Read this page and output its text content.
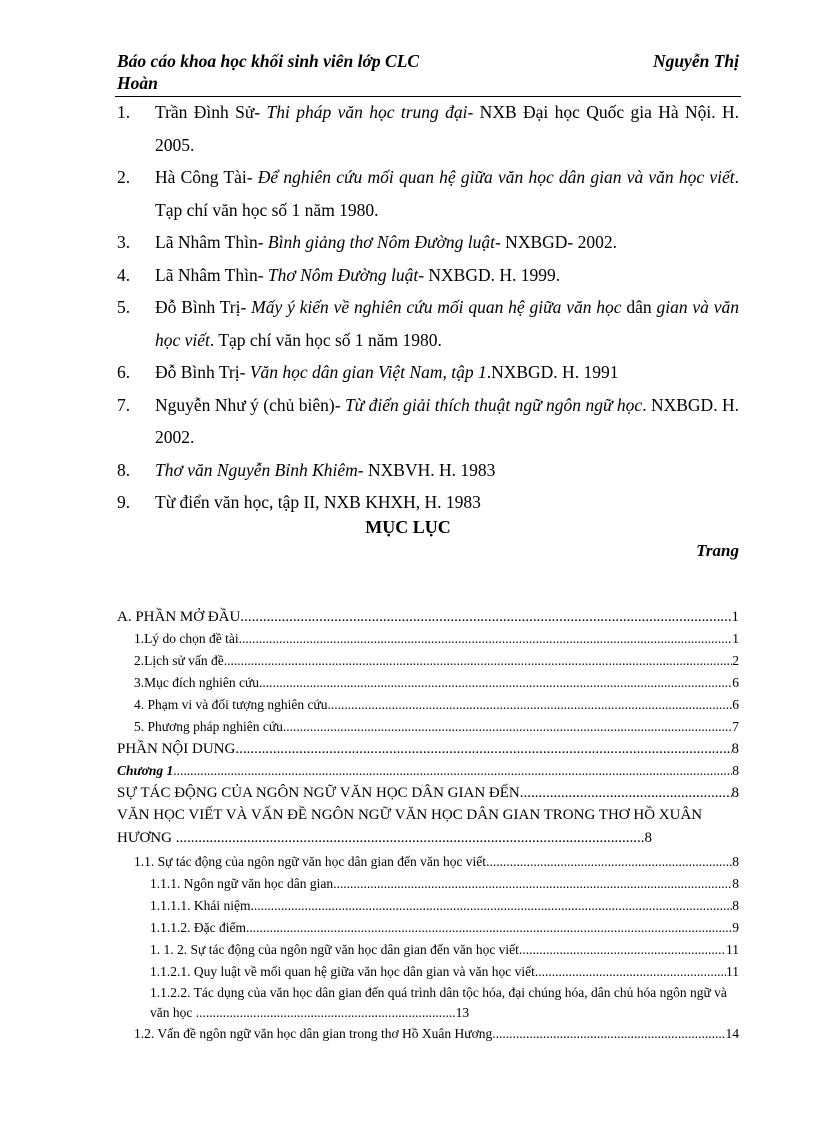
Báo cáo khoa học khối sinh viên lớp CLC	Nguyễn Thị
Hoàn
1.	Trần Đình Sử- Thi pháp văn học trung đại- NXB Đại học Quốc gia Hà Nội. H. 2005.
2.	Hà Công Tài- Để nghiên cứu mối quan hệ giữa văn học dân gian và văn học viết. Tạp chí văn học số 1 năm 1980.
3.	Lã Nhâm Thìn- Bình giảng thơ Nôm Đường luật- NXBGD- 2002.
4.	Lã Nhâm Thìn- Thơ Nôm Đường luật- NXBGD. H. 1999.
5.	Đỗ Bình Trị- Mấy ý kiến về nghiên cứu mối quan hệ giữa văn học dân gian và văn học viết. Tạp chí văn học số 1 năm 1980.
6.	Đỗ Bình Trị- Văn học dân gian Việt Nam, tập 1.NXBGD. H. 1991
7.	Nguyễn Như ý (chủ biên)- Từ điển giải thích thuật ngữ ngôn ngữ học. NXBGD. H. 2002.
8.	Thơ văn Nguyễn Bỉnh Khiêm- NXBVH. H. 1983
9.	Từ điển văn học, tập II, NXB KHXH, H. 1983
MỤC LỤC
Trang
A. PHẦN MỞ ĐẦU .....	1
1.Lý do chọn đề tài .....	1
2.Lịch sử vấn đề .....	2
3.Mục đích nghiên cứu .....	6
4. Phạm vi và đối tượng nghiên cứu .....	6
5. Phương pháp nghiên cứu .....	7
PHẦN NỘI DUNG .....	8
Chương 1 .....	8
SỰ TÁC ĐỘNG CỦA NGÔN NGỮ VĂN HỌC DÂN GIAN ĐẾN .....	8
VĂN HỌC VIẾT VÀ VẤN ĐỀ NGÔN NGỮ VĂN HỌC DÂN GIAN TRONG THƠ HỒ XUÂN HƯƠNG .............................................................................................................................8
1.1. Sự tác động của ngôn ngữ văn học dân gian đến văn học viết .....	8
1.1.1. Ngôn ngữ văn học dân gian .....	8
1.1.1.1. Khái niệm .....	8
1.1.1.2. Đặc điểm .....	9
1. 1. 2. Sự tác động của ngôn ngữ văn học dân gian đến văn học viết .....	11
1.1.2.1. Quy luật về mối quan hệ giữa văn học dân gian và văn học viết .....	11
1.1.2.2. Tác dụng của văn học dân gian đến quá trình dân tộc hóa, đại chúng hóa, dân chủ hóa ngôn ngữ và văn học .............................................................................13
1.2. Vấn đề ngôn ngữ văn học dân gian trong thơ Hồ Xuân Hương .....	14
